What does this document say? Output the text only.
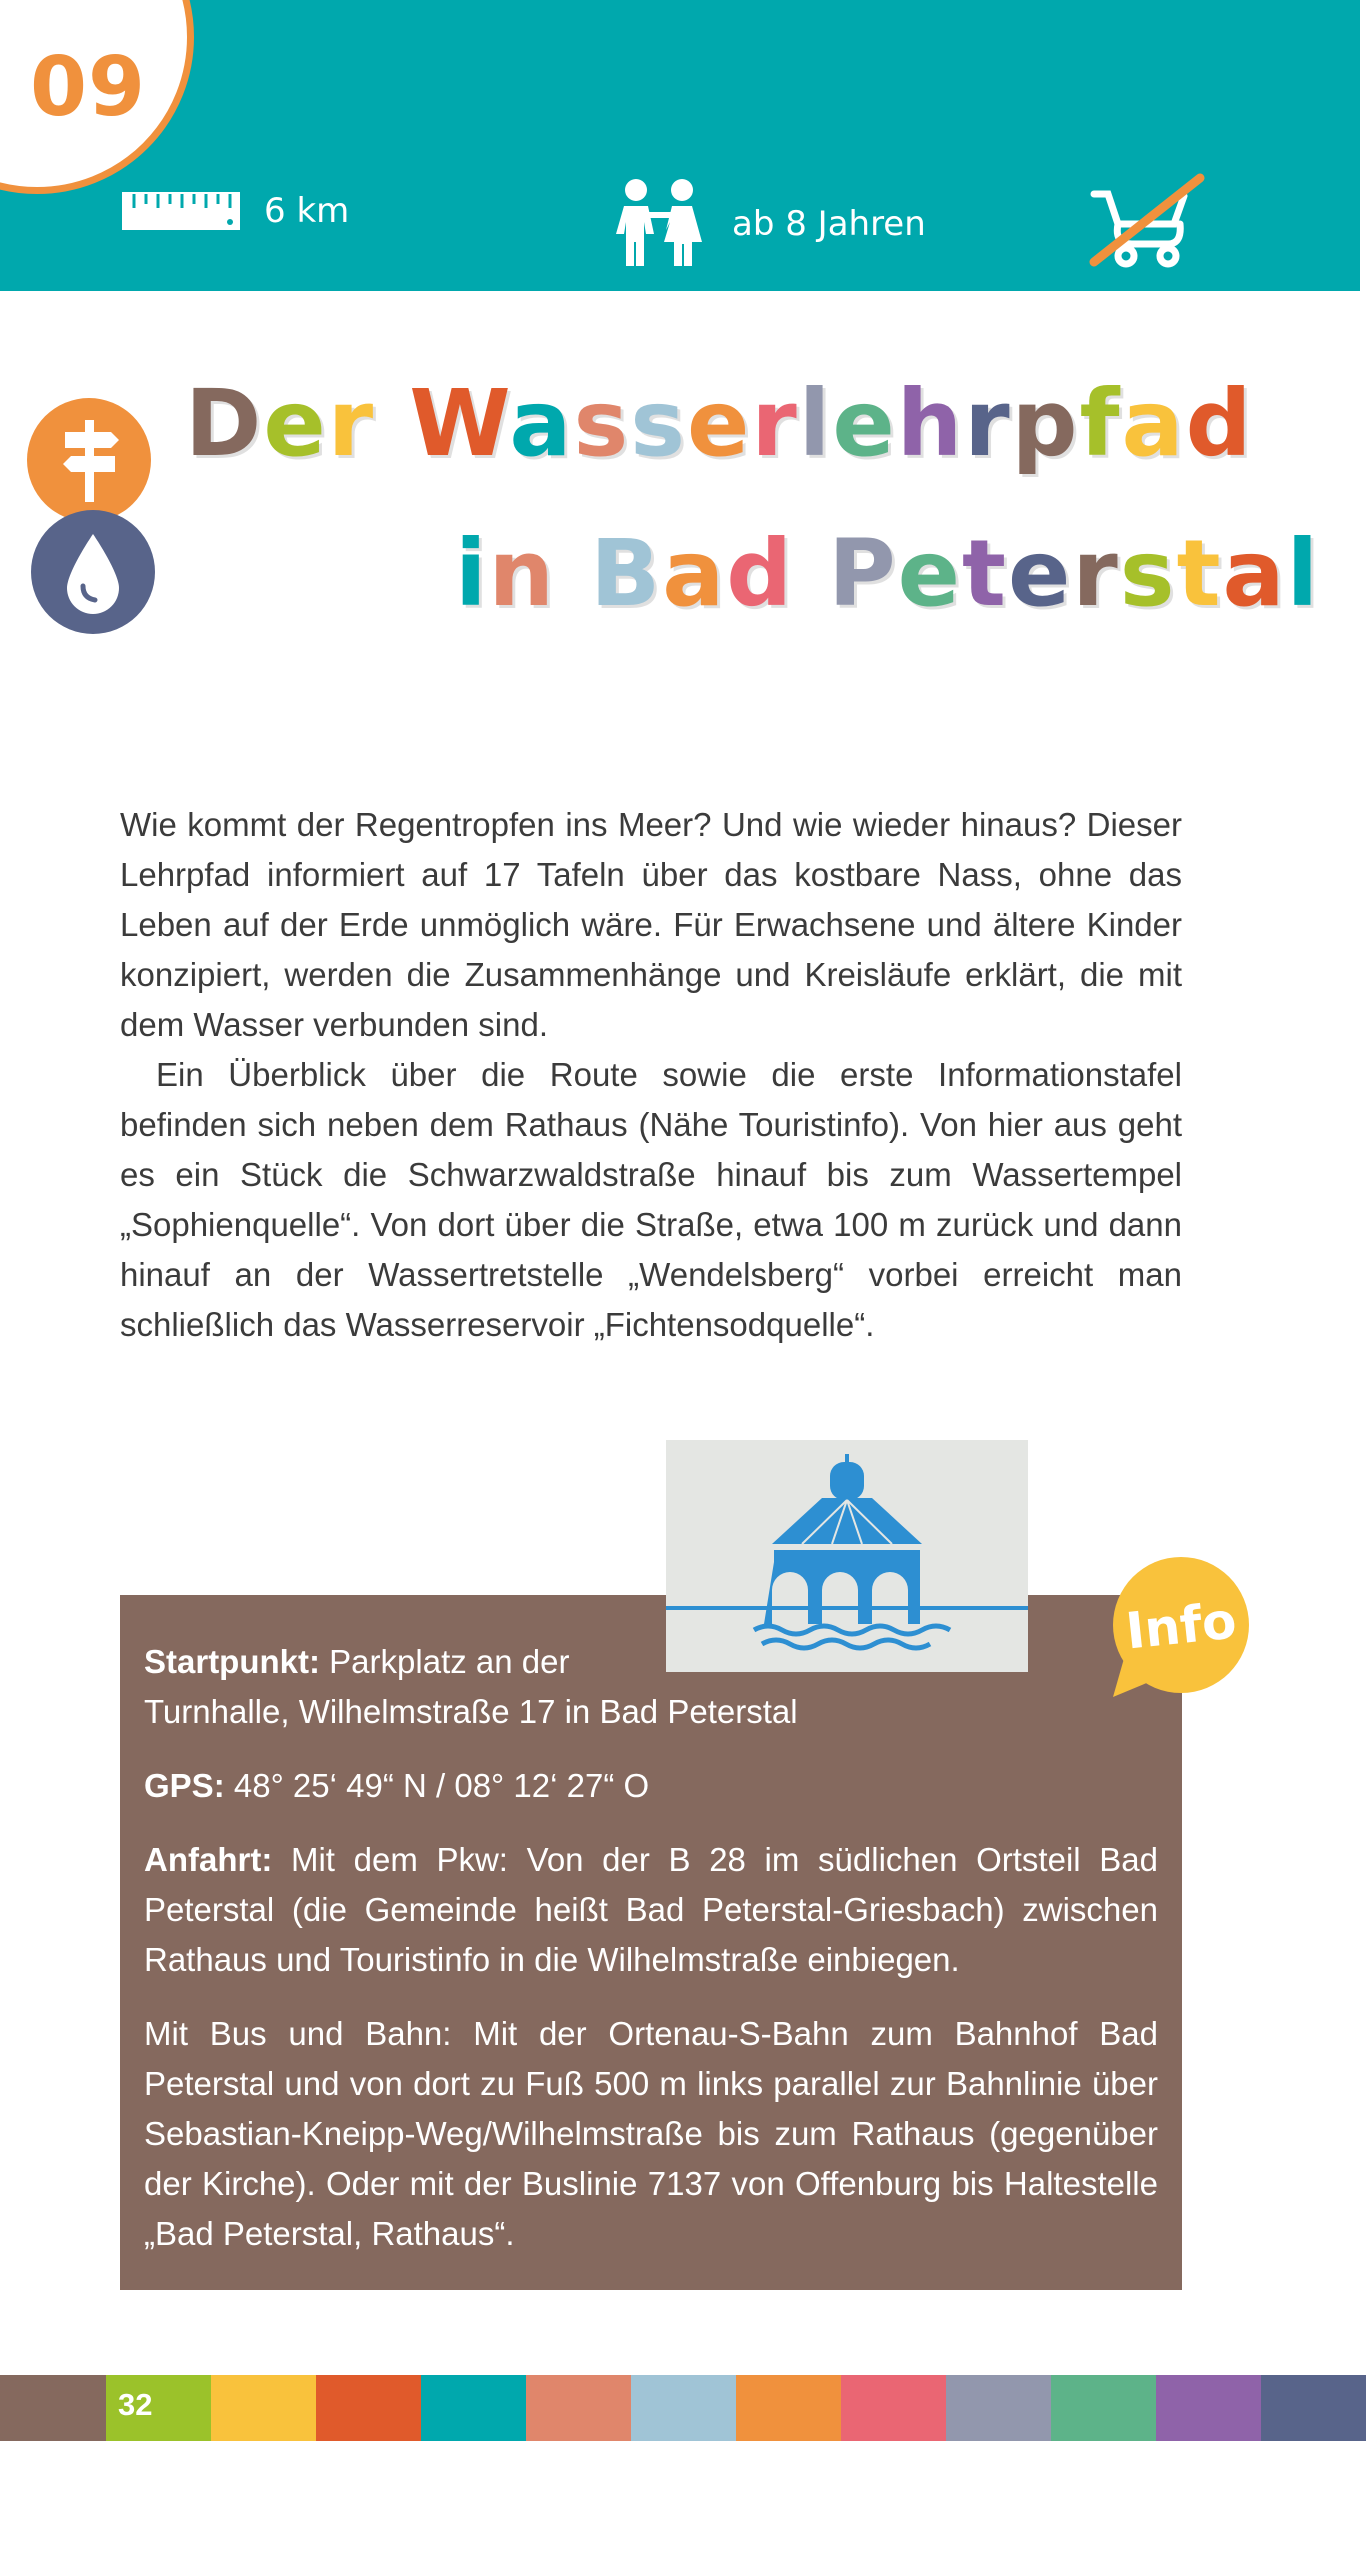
09
6 km	ab 8 Jahren
Der Wasserlehrpfad
in Bad Peterstal

Wie kommt der Regentropfen ins Meer? Und wie wieder hinaus? Dieser Lehrpfad informiert auf 17 Tafeln über das kostbare Nass, ohne das Leben auf der Erde unmöglich wäre. Für Erwachsene und ältere Kinder konzipiert, werden die Zusammenhänge und Kreisläufe erklärt, die mit dem Wasser verbunden sind.

Ein Überblick über die Route sowie die erste Informationstafel befinden sich neben dem Rathaus (Nähe Touristinfo). Von hier aus geht es ein Stück die Schwarzwaldstraße hinauf bis zum Wassertempel „Sophienquelle“. Von dort über die Straße, etwa 100 m zurück und dann hinauf an der Wassertretstelle „Wendelsberg“ vorbei erreicht man schließlich das Wasserreservoir „Fichtensodquelle“.

Startpunkt: Parkplatz an der
Turnhalle, Wilhelmstraße 17 in Bad Peterstal

GPS: 48° 25‘ 49“ N / 08° 12‘ 27“ O

Anfahrt: Mit dem Pkw: Von der B 28 im südlichen Ortsteil Bad Peterstal (die Gemeinde heißt Bad Peterstal-Griesbach) zwischen Rathaus und Touristinfo in die Wilhelmstraße einbiegen.

Mit Bus und Bahn: Mit der Ortenau-S-Bahn zum Bahnhof Bad Peterstal und von dort zu Fuß 500 m links parallel zur Bahnlinie über Sebastian-Kneipp-Weg/Wilhelmstraße bis zum Rathaus (gegenüber der Kirche). Oder mit der Buslinie 7137 von Offenburg bis Haltestelle „Bad Peterstal, Rathaus“.

Info
32
